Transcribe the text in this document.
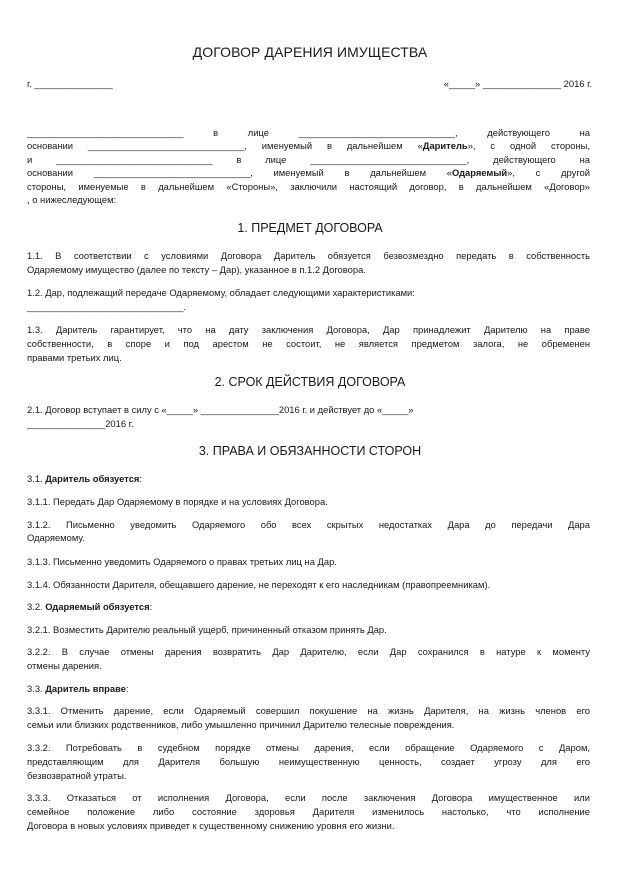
ДОГОВОР ДАРЕНИЯ ИМУЩЕСТВА
г. _______________	«_____» _______________ 2016 г.
______________________________ в лице ______________________________, действующего на
основании ______________________________, именуемый в дальнейшем «Даритель», с одной стороны,
и ______________________________ в лице ______________________________, действующего на
основании ______________________________, именуемый в дальнейшем «Одаряемый», с другой
стороны, именуемые в дальнейшем «Стороны», заключили настоящий договор, в дальнейшем «Договор»
, о нижеследующем:
1. ПРЕДМЕТ ДОГОВОРА
1.1. В соответствии с условиями Договора Даритель обязуется безвозмездно передать в собственность
Одаряемому имущество (далее по тексту – Дар), указанное в п.1.2 Договора.
1.2. Дар, подлежащий передаче Одаряемому, обладает следующими характеристиками:
______________________________.
1.3. Даритель гарантирует, что на дату заключения Договора, Дар принадлежит Дарителю на праве
собственности, в споре и под арестом не состоит, не является предметом залога, не обременен
правами третьих лиц.
2. СРОК ДЕЙСТВИЯ ДОГОВОРА
2.1. Договор вступает в силу с «_____» _______________2016 г. и действует до «_____»
_______________2016 г.
3. ПРАВА И ОБЯЗАННОСТИ СТОРОН
3.1. Даритель обязуется:
3.1.1. Передать Дар Одаряемому в порядке и на условиях Договора.
3.1.2. Письменно уведомить Одаряемого обо всех скрытых недостатках Дара до передачи Дара
Одаряемому.
3.1.3. Письменно уведомить Одаряемого о правах третьих лиц на Дар.
3.1.4. Обязанности Дарителя, обещавшего дарение, не переходят к его наследникам (правопреемникам).
3.2. Одаряемый обязуется:
3.2.1. Возместить Дарителю реальный ущерб, причиненный отказом принять Дар.
3.2.2. В случае отмены дарения возвратить Дар Дарителю, если Дар сохранился в натуре к моменту
отмены дарения.
3.3. Даритель вправе:
3.3.1. Отменить дарение, если Одаряемый совершил покушение на жизнь Дарителя, на жизнь членов его
семьи или близких родственников, либо умышленно причинил Дарителю телесные повреждения.
3.3.2. Потребовать в судебном порядке отмены дарения, если обращение Одаряемого с Даром,
представляющим для Дарителя большую неимущественную ценность, создает угрозу для его
безвозвратной утраты.
3.3.3. Отказаться от исполнения Договора, если после заключения Договора имущественное или
семейное положение либо состояние здоровья Дарителя изменилось настолько, что исполнение
Договора в новых условиях приведет к существенному снижению уровня его жизни.
